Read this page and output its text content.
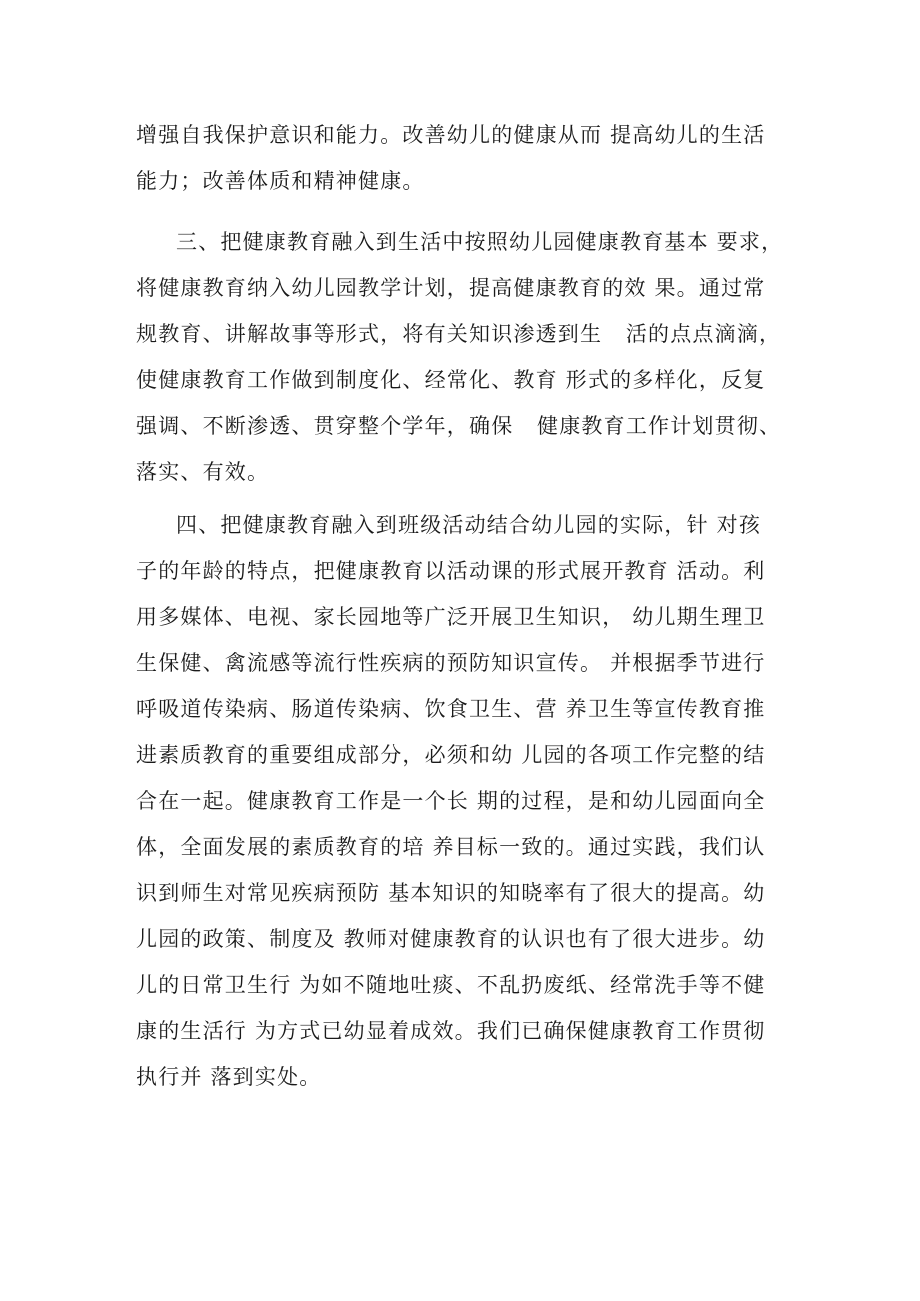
增强自我保护意识和能力。改善幼儿的健康从而 提高幼儿的生活
能力；改善体质和精神健康。
三、把健康教育融入到生活中按照幼儿园健康教育基本 要求，
将健康教育纳入幼儿园教学计划，提高健康教育的效 果。通过常
规教育、讲解故事等形式，将有关知识渗透到生   活的点点滴滴，
使健康教育工作做到制度化、经常化、教育 形式的多样化，反复
强调、不断渗透、贯穿整个学年，确保   健康教育工作计划贯彻、
落实、有效。
四、把健康教育融入到班级活动结合幼儿园的实际，针 对孩
子的年龄的特点，把健康教育以活动课的形式展开教育 活动。利
用多媒体、电视、家长园地等广泛开展卫生知识， 幼儿期生理卫
生保健、禽流感等流行性疾病的预防知识宣传。 并根据季节进行
呼吸道传染病、肠道传染病、饮食卫生、营 养卫生等宣传教育推
进素质教育的重要组成部分，必须和幼 儿园的各项工作完整的结
合在一起。健康教育工作是一个长 期的过程，是和幼儿园面向全
体，全面发展的素质教育的培 养目标一致的。通过实践，我们认
识到师生对常见疾病预防 基本知识的知晓率有了很大的提高。幼
儿园的政策、制度及 教师对健康教育的认识也有了很大进步。幼
儿的日常卫生行 为如不随地吐痰、不乱扔废纸、经常洗手等不健
康的生活行 为方式已幼显着成效。我们已确保健康教育工作贯彻
执行并 落到实处。
